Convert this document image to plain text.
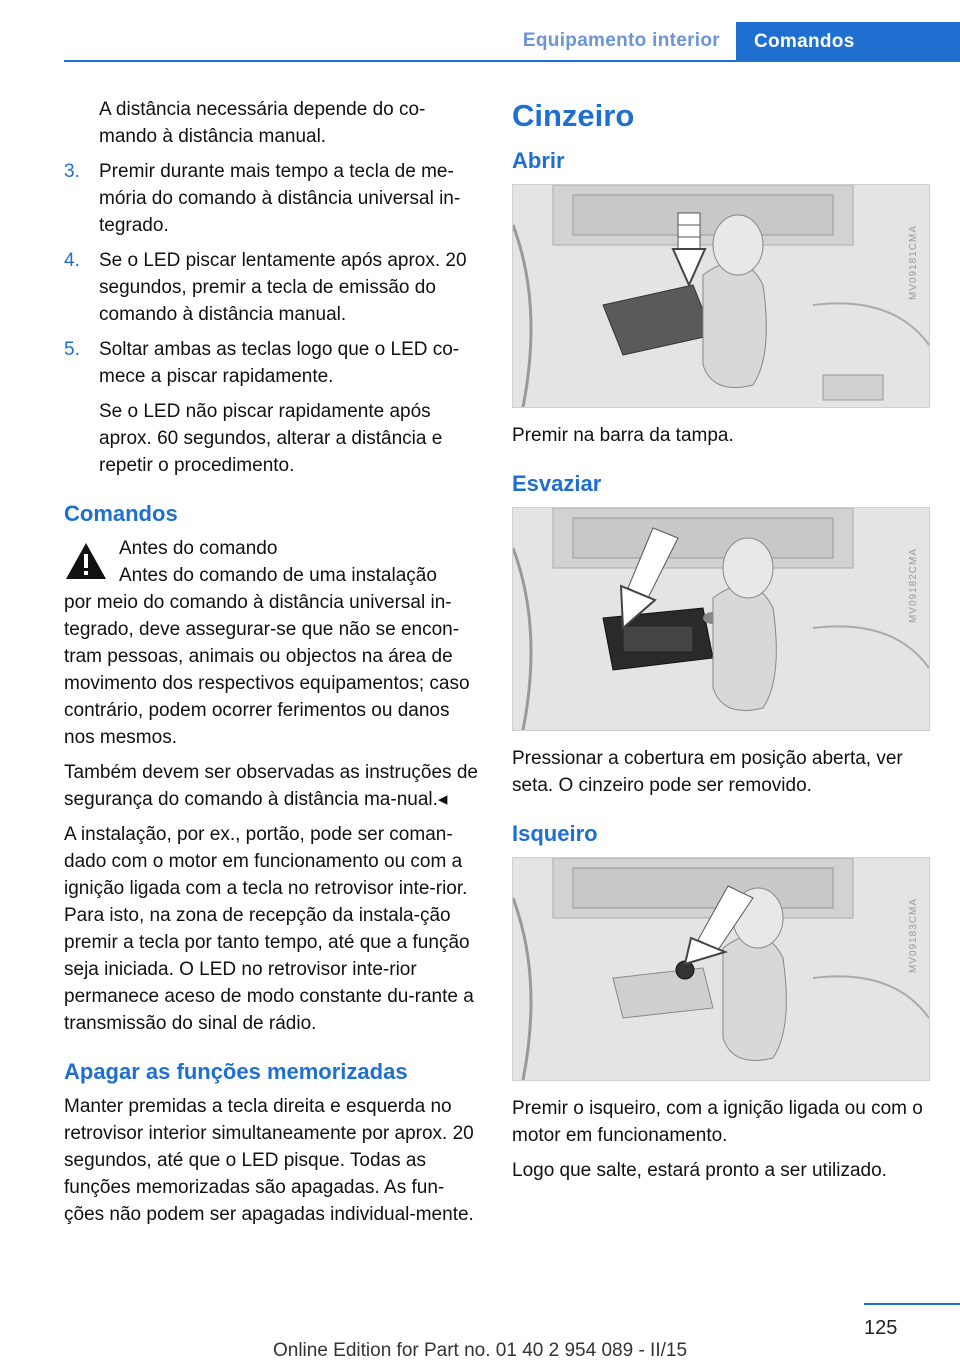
Equipamento interior	Comandos

A distância necessária depende do co-mando à distância manual.

3. Premir durante mais tempo a tecla de me-mória do comando à distância universal in-tegrado.

4. Se o LED piscar lentamente após aprox. 20 segundos, premir a tecla de emissão do comando à distância manual.

5. Soltar ambas as teclas logo que o LED co-mece a piscar rapidamente.

Se o LED não piscar rapidamente após aprox. 60 segundos, alterar a distância e repetir o procedimento.

Comandos

Antes do comando

Antes do comando de uma instalação

por meio do comando à distância universal in-tegrado, deve assegurar-se que não se encon-tram pessoas, animais ou objectos na área de movimento dos respectivos equipamentos; caso contrário, podem ocorrer ferimentos ou danos nos mesmos.

Também devem ser observadas as instruções de segurança do comando à distância ma-nual.◂

A instalação, por ex., portão, pode ser coman-dado com o motor em funcionamento ou com a ignição ligada com a tecla no retrovisor inte-rior. Para isto, na zona de recepção da instala-ção premir a tecla por tanto tempo, até que a função seja iniciada. O LED no retrovisor inte-rior permanece aceso de modo constante du-rante a transmissão do sinal de rádio.

Apagar as funções memorizadas

Manter premidas a tecla direita e esquerda no retrovisor interior simultaneamente por aprox. 20 segundos, até que o LED pisque. Todas as funções memorizadas são apagadas. As fun-ções não podem ser apagadas individual-mente.

Cinzeiro
Abrir
MV09181CMA

Premir na barra da tampa.

Esvaziar
MV09182CMA

Pressionar a cobertura em posição aberta, ver seta. O cinzeiro pode ser removido.

Isqueiro
MV09183CMA

Premir o isqueiro, com a ignição ligada ou com o motor em funcionamento.

Logo que salte, estará pronto a ser utilizado.

125
Online Edition for Part no. 01 40 2 954 089 - II/15
